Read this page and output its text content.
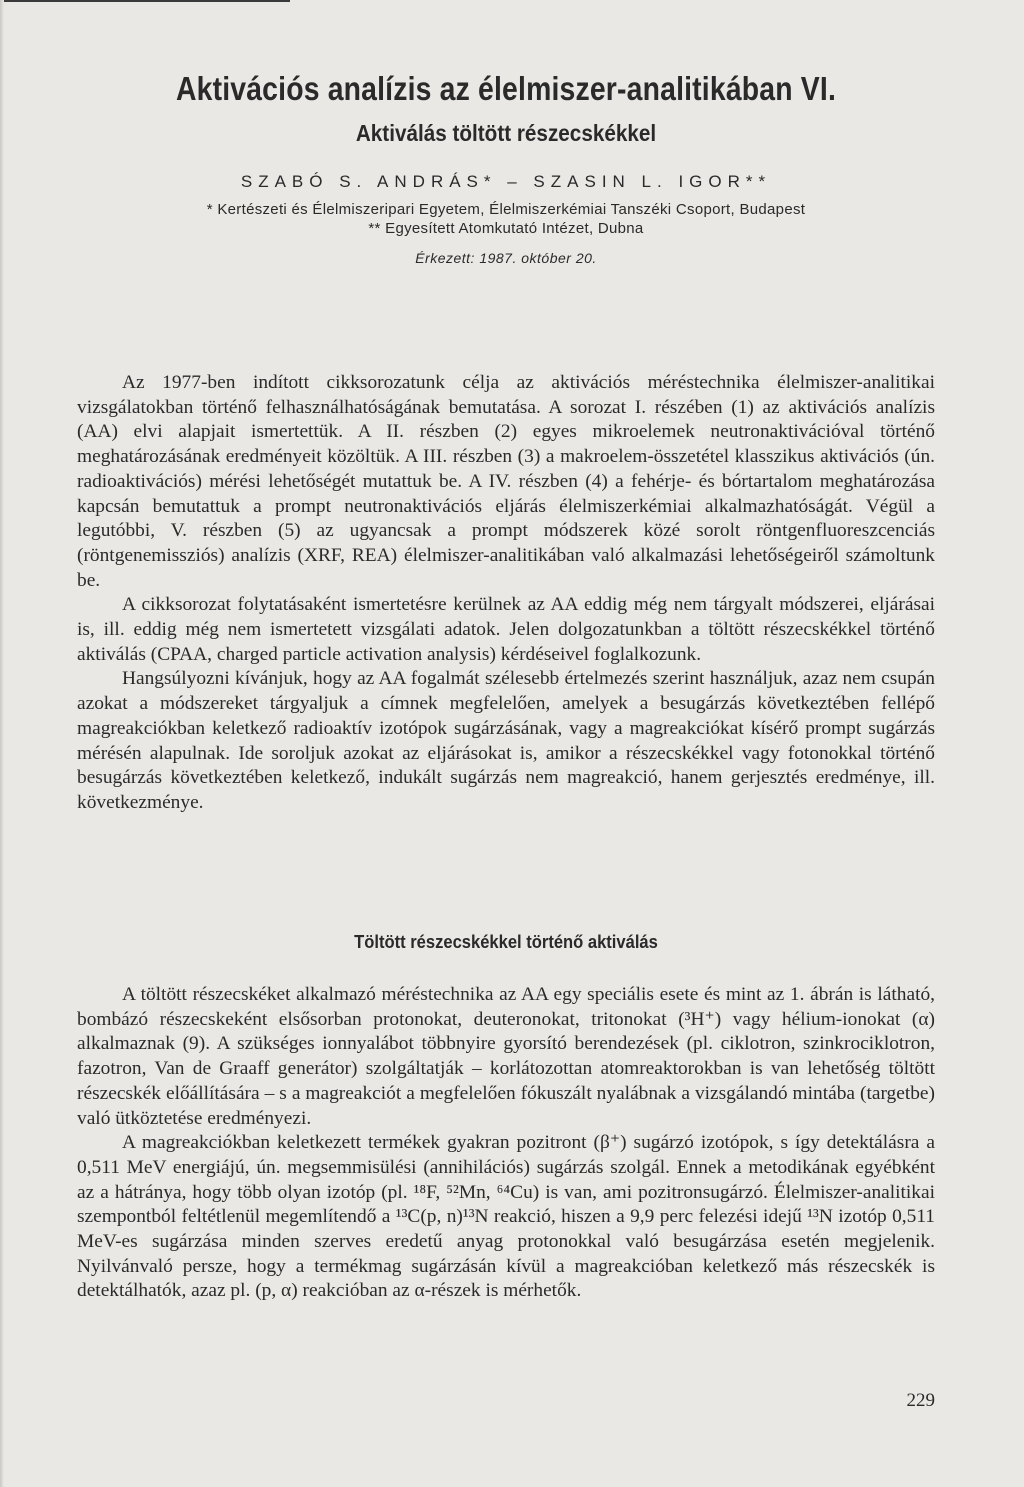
Aktivációs analízis az élelmiszer-analitikában VI.
Aktiválás töltött részecskékkel
SZABÓ S. ANDRÁS* – SZASIN L. IGOR**
* Kertészeti és Élelmiszeripari Egyetem, Élelmiszerkémiai Tanszéki Csoport, Budapest
** Egyesített Atomkutató Intézet, Dubna
Érkezett: 1987. október 20.

Az 1977-ben indított cikksorozatunk célja az aktivációs méréstechnika élelmiszer-analitikai vizsgálatokban történő felhasználhatóságának bemutatása. A sorozat I. részében (1) az aktivációs analízis (AA) elvi alapjait ismertettük. A II. részben (2) egyes mikroelemek neutronaktivációval történő meghatározásának eredményeit közöltük. A III. részben (3) a makroelem-összetétel klasszikus aktivációs (ún. radioaktivációs) mérési lehetőségét mutattuk be. A IV. részben (4) a fehérje- és bórtartalom meghatározása kapcsán bemutattuk a prompt neutronaktivációs eljárás élelmiszerkémiai alkalmazhatóságát. Végül a legutóbbi, V. részben (5) az ugyancsak a prompt módszerek közé sorolt röntgenfluoreszcenciás (röntgenemissziós) analízis (XRF, REA) élelmiszer-analitikában való alkalmazási lehetőségeiről számoltunk be.

A cikksorozat folytatásaként ismertetésre kerülnek az AA eddig még nem tárgyalt módszerei, eljárásai is, ill. eddig még nem ismertetett vizsgálati adatok. Jelen dolgozatunkban a töltött részecskékkel történő aktiválás (CPAA, charged particle activation analysis) kérdéseivel foglalkozunk.

Hangsúlyozni kívánjuk, hogy az AA fogalmát szélesebb értelmezés szerint használjuk, azaz nem csupán azokat a módszereket tárgyaljuk a címnek megfelelően, amelyek a besugárzás következtében fellépő magreakciókban keletkező radioaktív izotópok sugárzásának, vagy a magreakciókat kísérő prompt sugárzás mérésén alapulnak. Ide soroljuk azokat az eljárásokat is, amikor a részecskékkel vagy fotonokkal történő besugárzás következtében keletkező, indukált sugárzás nem magreakció, hanem gerjesztés eredménye, ill. következménye.

Töltött részecskékkel történő aktiválás

A töltött részecskéket alkalmazó méréstechnika az AA egy speciális esete és mint az 1. ábrán is látható, bombázó részecskeként elsősorban protonokat, deuteronokat, tritonokat (³H⁺) vagy hélium-ionokat (α) alkalmaznak (9). A szükséges ionnyalábot többnyire gyorsító berendezések (pl. ciklotron, szinkrociklotron, fazotron, Van de Graaff generátor) szolgáltatják – korlátozottan atomreaktorokban is van lehetőség töltött részecskék előállítására – s a magreakciót a megfelelően fókuszált nyalábnak a vizsgálandó mintába (targetbe) való ütköztetése eredményezi.

A magreakciókban keletkezett termékek gyakran pozitront (β⁺) sugárzó izotópok, s így detektálásra a 0,511 MeV energiájú, ún. megsemmisülési (annihilációs) sugárzás szolgál. Ennek a metodikának egyébként az a hátránya, hogy több olyan izotóp (pl. ¹⁸F, ⁵²Mn, ⁶⁴Cu) is van, ami pozitronsugárzó. Élelmiszer-analitikai szempontból feltétlenül megemlítendő a ¹³C(p, n)¹³N reakció, hiszen a 9,9 perc felezési idejű ¹³N izotóp 0,511 MeV-es sugárzása minden szerves eredetű anyag protonokkal való besugárzása esetén megjelenik. Nyilvánvaló persze, hogy a termékmag sugárzásán kívül a magreakcióban keletkező más részecskék is detektálhatók, azaz pl. (p, α) reakcióban az α-részek is mérhetők.

229
